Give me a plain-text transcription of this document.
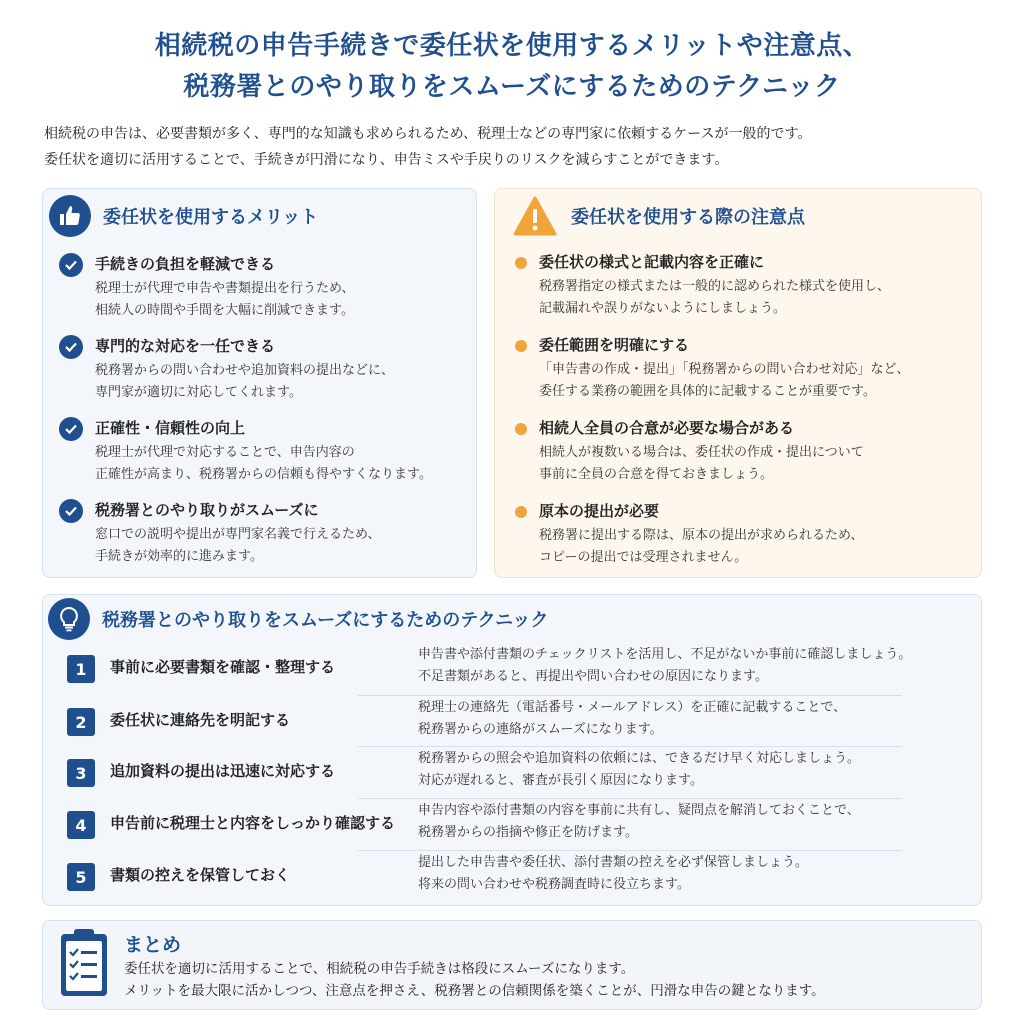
相続税の申告手続きで委任状を使用するメリットや注意点、
税務署とのやり取りをスムーズにするためのテクニック
相続税の申告は、必要書類が多く、専門的な知識も求められるため、税理士などの専門家に依頼するケースが一般的です。
委任状を適切に活用することで、手続きが円滑になり、申告ミスや手戻りのリスクを減らすことができます。
委任状を使用するメリット
手続きの負担を軽減できる
税理士が代理で申告や書類提出を行うため、
相続人の時間や手間を大幅に削減できます。
専門的な対応を一任できる
税務署からの問い合わせや追加資料の提出などに、
専門家が適切に対応してくれます。
正確性・信頼性の向上
税理士が代理で対応することで、申告内容の
正確性が高まり、税務署からの信頼も得やすくなります。
税務署とのやり取りがスムーズに
窓口での説明や提出が専門家名義で行えるため、
手続きが効率的に進みます。
委任状を使用する際の注意点
委任状の様式と記載内容を正確に
税務署指定の様式または一般的に認められた様式を使用し、
記載漏れや誤りがないようにしましょう。
委任範囲を明確にする
「申告書の作成・提出」「税務署からの問い合わせ対応」など、
委任する業務の範囲を具体的に記載することが重要です。
相続人全員の合意が必要な場合がある
相続人が複数いる場合は、委任状の作成・提出について
事前に全員の合意を得ておきましょう。
原本の提出が必要
税務署に提出する際は、原本の提出が求められるため、
コピーの提出では受理されません。
税務署とのやり取りをスムーズにするためのテクニック
1	事前に必要書類を確認・整理する
申告書や添付書類のチェックリストを活用し、不足がないか事前に確認しましょう。
不足書類があると、再提出や問い合わせの原因になります。
2	委任状に連絡先を明記する
税理士の連絡先（電話番号・メールアドレス）を正確に記載することで、
税務署からの連絡がスムーズになります。
3	追加資料の提出は迅速に対応する
税務署からの照会や追加資料の依頼には、できるだけ早く対応しましょう。
対応が遅れると、審査が長引く原因になります。
4	申告前に税理士と内容をしっかり確認する
申告内容や添付書類の内容を事前に共有し、疑問点を解消しておくことで、
税務署からの指摘や修正を防げます。
5	書類の控えを保管しておく
提出した申告書や委任状、添付書類の控えを必ず保管しましょう。
将来の問い合わせや税務調査時に役立ちます。
まとめ
委任状を適切に活用することで、相続税の申告手続きは格段にスムーズになります。
メリットを最大限に活かしつつ、注意点を押さえ、税務署との信頼関係を築くことが、円滑な申告の鍵となります。
